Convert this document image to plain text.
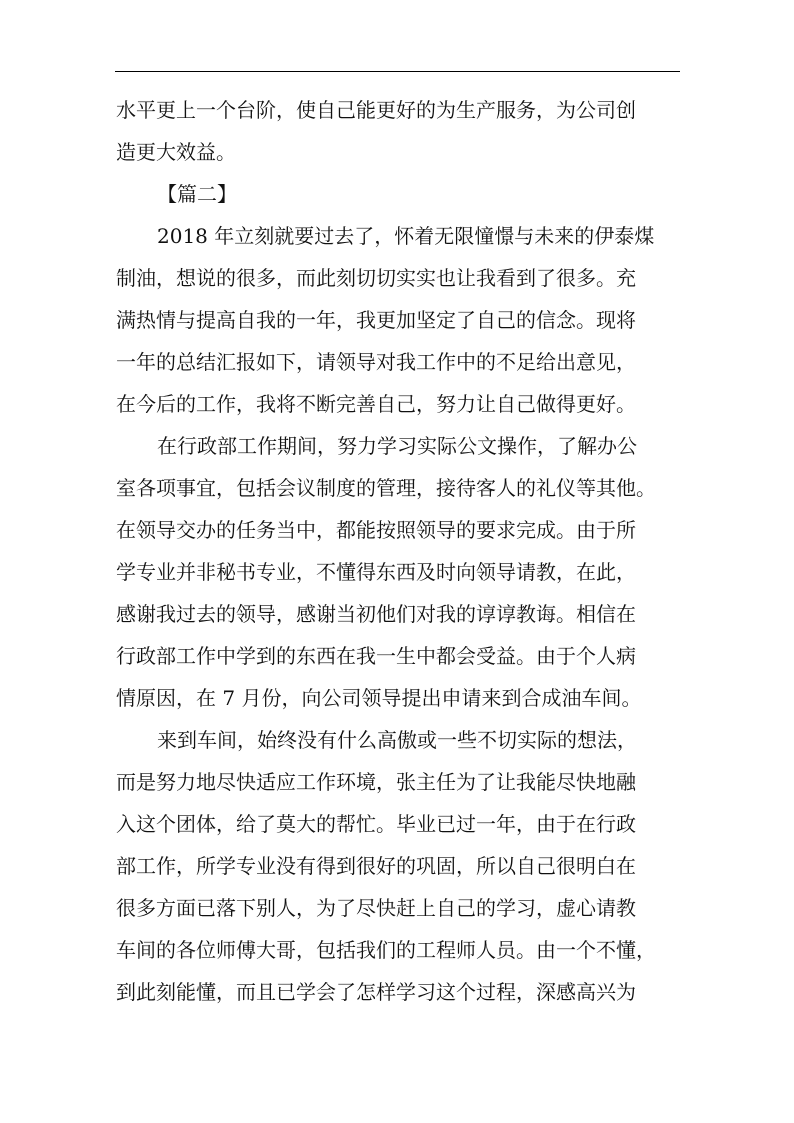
水平更上一个台阶，使自己能更好的为生产服务，为公司创
造更大效益。
【篇二】
2018 年立刻就要过去了，怀着无限憧憬与未来的伊泰煤
制油，想说的很多，而此刻切切实实也让我看到了很多。充
满热情与提高自我的一年，我更加坚定了自己的信念。现将
一年的总结汇报如下，请领导对我工作中的不足给出意见，
在今后的工作，我将不断完善自己，努力让自己做得更好。
在行政部工作期间，努力学习实际公文操作，了解办公
室各项事宜，包括会议制度的管理，接待客人的礼仪等其他。
在领导交办的任务当中，都能按照领导的要求完成。由于所
学专业并非秘书专业，不懂得东西及时向领导请教，在此，
感谢我过去的领导，感谢当初他们对我的谆谆教诲。相信在
行政部工作中学到的东西在我一生中都会受益。由于个人病
情原因，在 7 月份，向公司领导提出申请来到合成油车间。
来到车间，始终没有什么高傲或一些不切实际的想法，
而是努力地尽快适应工作环境，张主任为了让我能尽快地融
入这个团体，给了莫大的帮忙。毕业已过一年，由于在行政
部工作，所学专业没有得到很好的巩固，所以自己很明白在
很多方面已落下别人，为了尽快赶上自己的学习，虚心请教
车间的各位师傅大哥，包括我们的工程师人员。由一个不懂，
到此刻能懂，而且已学会了怎样学习这个过程，深感高兴为
